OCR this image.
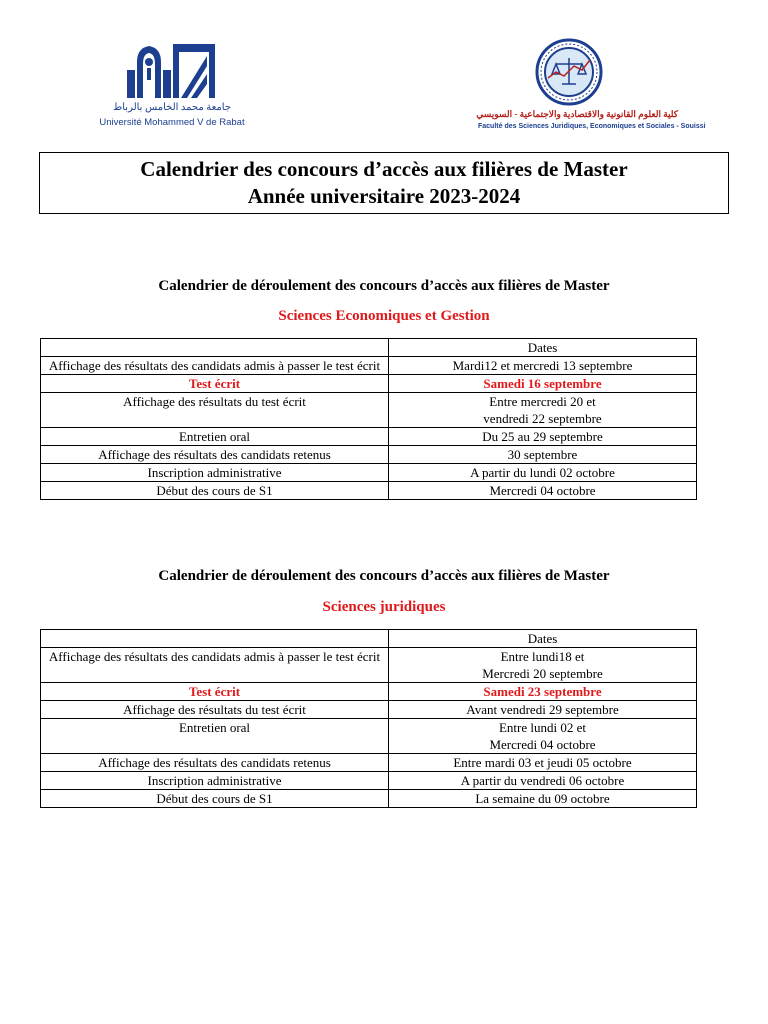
جامعة محمد الخامس بالرباط
Université Mohammed V de Rabat
كلية العلوم القانونية والاقتصادية والاجتماعية - السويسي
Faculté des Sciences Juridiques, Economiques et Sociales - Souissi
Calendrier des concours d’accès aux filières de Master
Année universitaire 2023-2024
Calendrier de déroulement des concours d’accès aux filières de Master
Sciences Economiques et Gestion
	Dates
Affichage des résultats des candidats admis à passer le test écrit	Mardi12 et mercredi 13 septembre
Test écrit	Samedi 16 septembre
Affichage des résultats du test écrit	Entre mercredi 20 et
vendredi 22 septembre
Entretien oral	Du 25 au 29 septembre
Affichage des résultats des candidats retenus	30 septembre
Inscription administrative	A partir du lundi 02 octobre
Début des cours de S1	Mercredi 04 octobre
Calendrier de déroulement des concours d’accès aux filières de Master
Sciences juridiques
	Dates
Affichage des résultats des candidats admis à passer le test écrit	Entre lundi18 et
Mercredi 20 septembre
Test écrit	Samedi 23 septembre
Affichage des résultats du test écrit	Avant vendredi 29 septembre
Entretien oral	Entre lundi 02 et
Mercredi 04 octobre
Affichage des résultats des candidats retenus	Entre mardi 03 et jeudi 05 octobre
Inscription administrative	A partir du vendredi 06 octobre
Début des cours de S1	La semaine du 09 octobre
